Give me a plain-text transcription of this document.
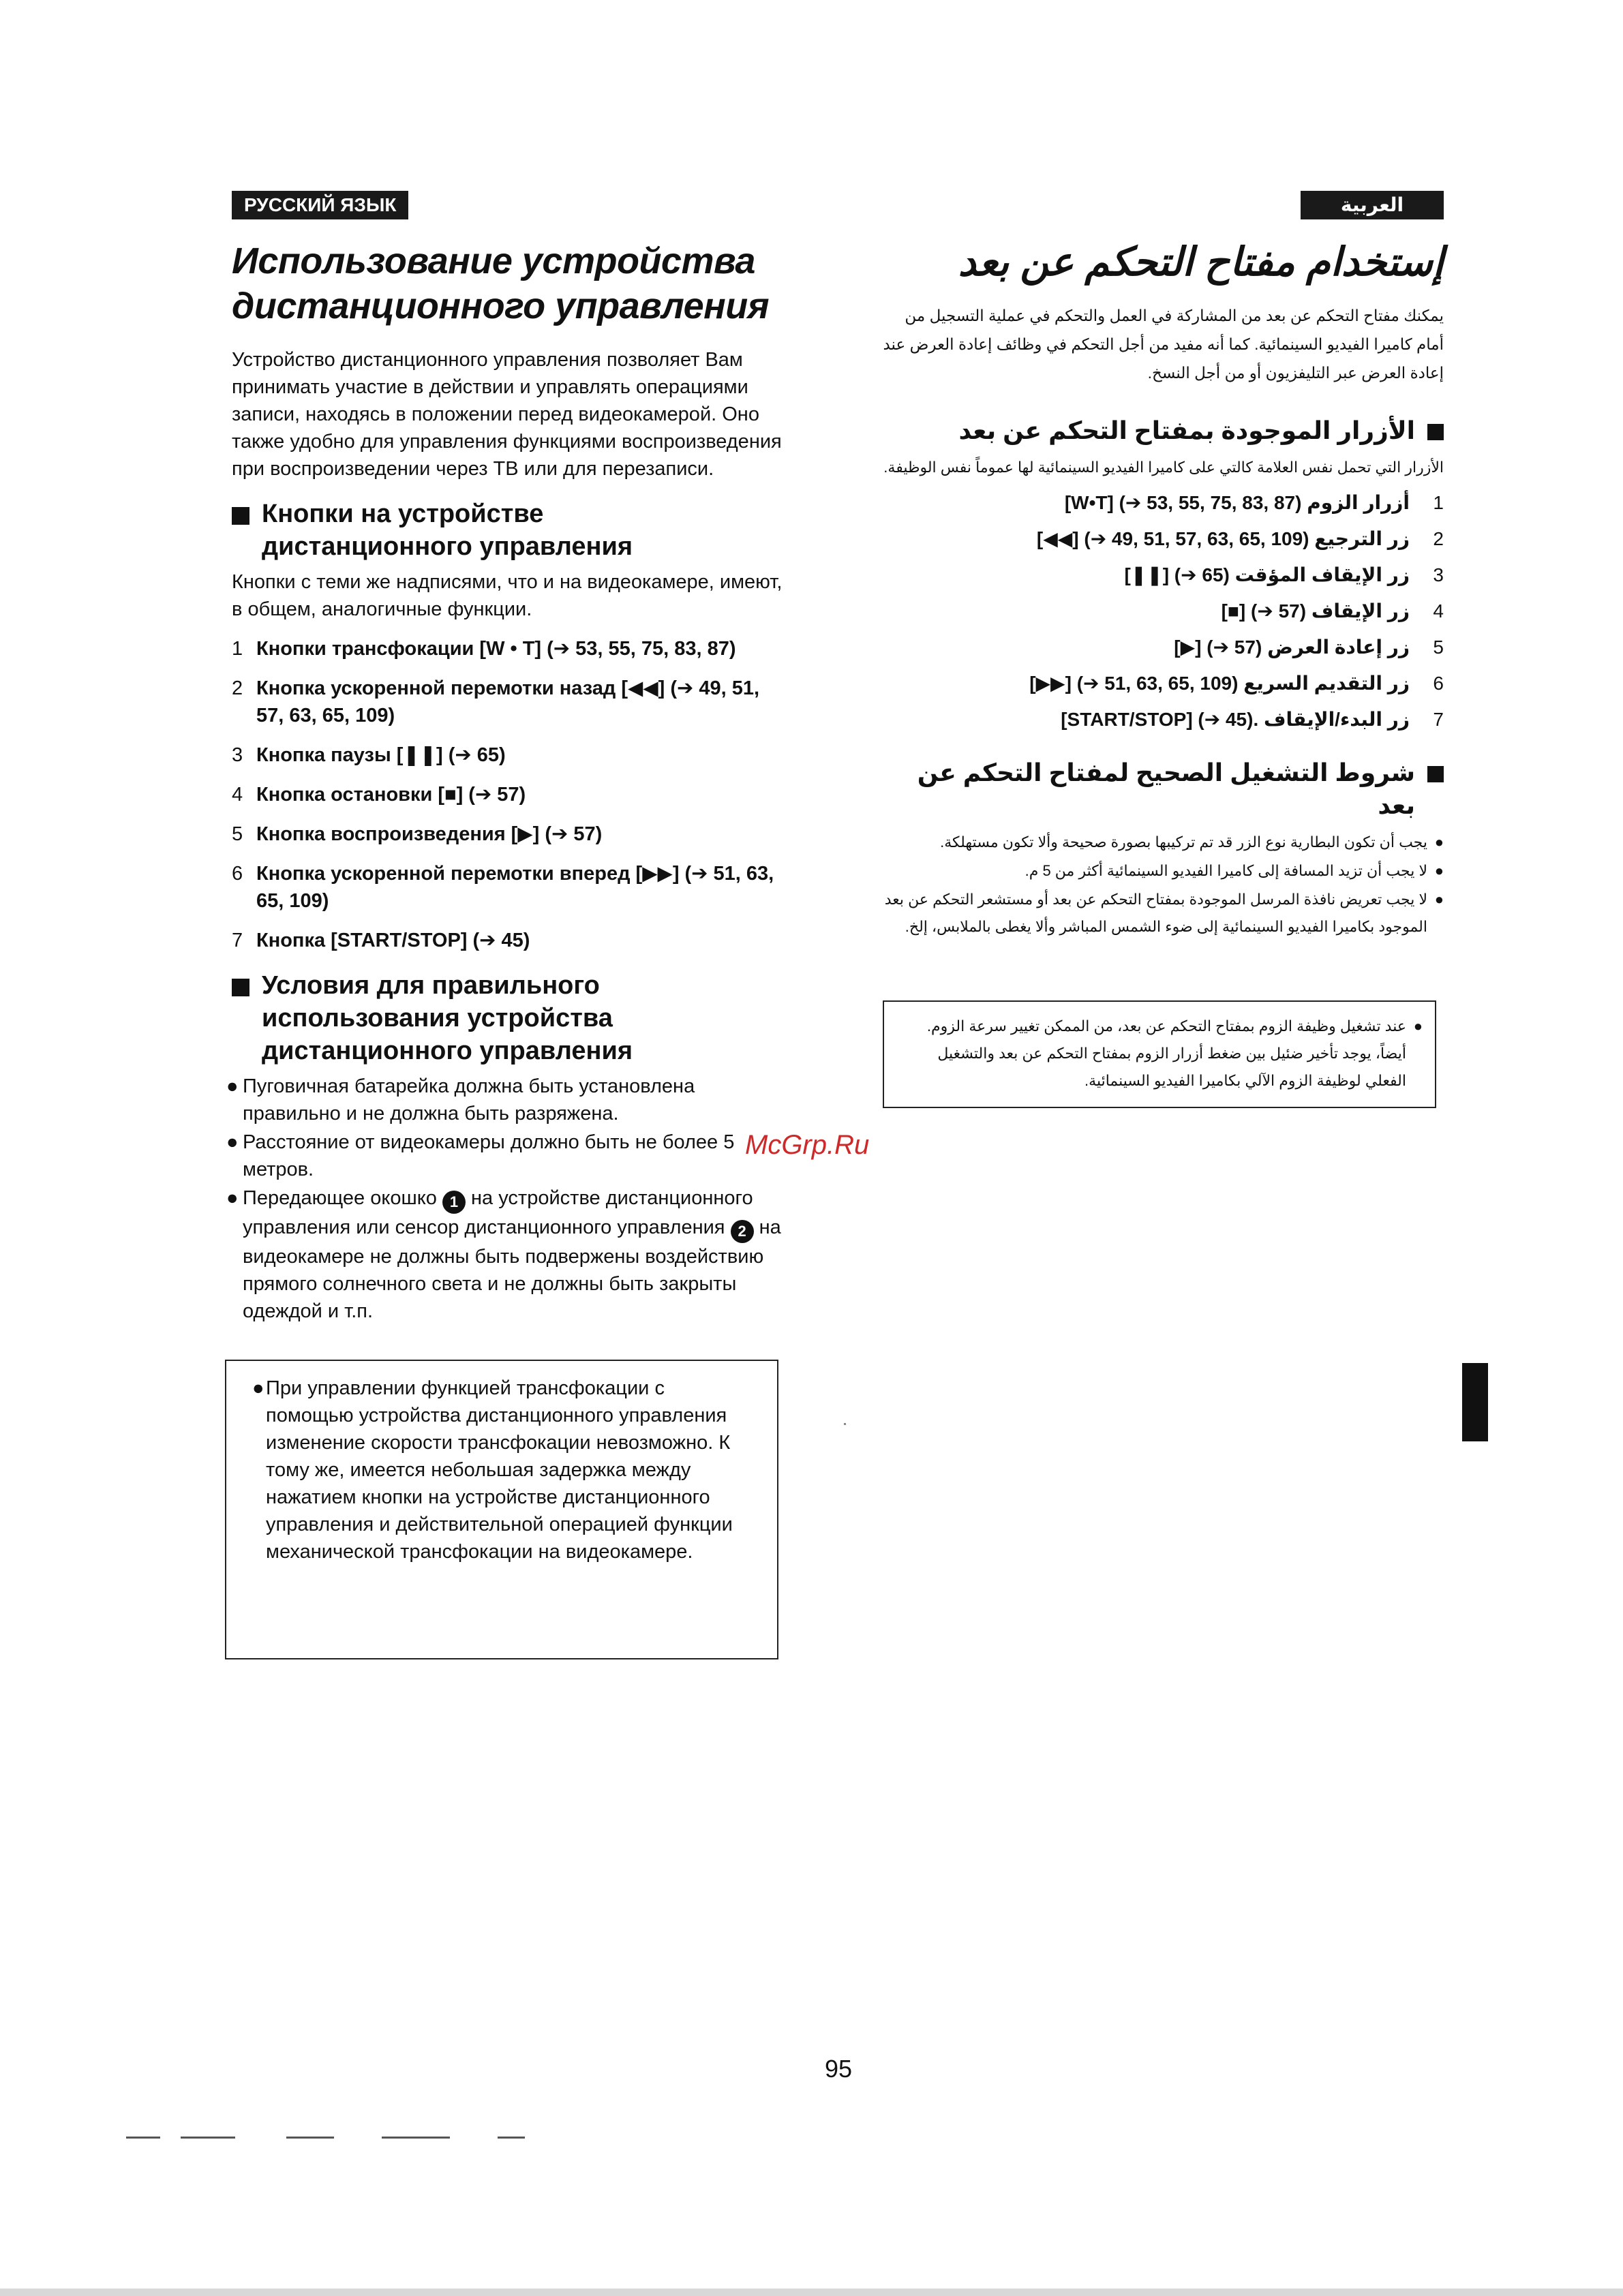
РУССКИЙ ЯЗЫК
Использование устройства
дистанционного управления

Устройство дистанционного управления позволяет Вам принимать участие в действии и управлять операциями записи, находясь в положении перед видеокамерой. Оно также удобно для управления функциями воспроизведения при воспроизведении через ТВ или для перезаписи.

Кнопки на устройстве
дистанционного управления

Кнопки с теми же надписями, что и на видеокамере, имеют, в общем, аналогичные функции.

1 Кнопки трансфокации [W • T] (➔ 53, 55, 75, 83, 87)
2 Кнопка ускоренной перемотки назад [◀◀] (➔ 49, 51, 57, 63, 65, 109)
3 Кнопка паузы [❚❚] (➔ 65)
4 Кнопка остановки [■] (➔ 57)
5 Кнопка воспроизведения [▶] (➔ 57)
6 Кнопка ускоренной перемотки вперед [▶▶] (➔ 51, 63, 65, 109)
7 Кнопка [START/STOP] (➔ 45)
Условия для правильного
использования устройства
дистанционного управления
● Пуговичная батарейка должна быть установлена правильно и не должна быть разряжена.
● Расстояние от видеокамеры должно быть не более 5 метров.
● Передающее окошко 1 на устройстве дистанционного управления или сенсор дистанционного управления 2 на видеокамере не должны быть подвержены воздействию прямого солнечного света и не должны быть закрыты одеждой и т.п.
● При управлении функцией трансфокации с помощью устройства дистанционного управления изменение скорости трансфокации невозможно. К тому же, имеется небольшая задержка между нажатием кнопки на устройстве дистанционного управления и действительной операцией функции механической трансфокации на видеокамере.
العربية
إستخدام مفتاح التحكم عن بعد

يمكنك مفتاح التحكم عن بعد من المشاركة في العمل والتحكم في عملية التسجيل من أمام كاميرا الفيديو السينمائية. كما أنه مفيد من أجل التحكم في وظائف إعادة العرض عند إعادة العرض عبر التليفزيون أو من أجل النسخ.

الأزرار الموجودة بمفتاح التحكم عن بعد

الأزرار التي تحمل نفس العلامة كالتي على كاميرا الفيديو السينمائية لها عموماً نفس الوظيفة.

1
أزرار الزوم [W•T] (➔ 53, 55, 75, 83, 87)
2
زر الترجيع [◀◀] (➔ 49, 51, 57, 63, 65, 109)
3
زر الإيقاف المؤقت [❚❚] (➔ 65)
4
زر الإيقاف [■] (➔ 57)
5
زر إعادة العرض [▶] (➔ 57)
6
زر التقديم السريع [▶▶] (➔ 51, 63, 65, 109)
7
زر البدء/الإيقاف [START/STOP] (➔ 45).
شروط التشغيل الصحيح لمفتاح التحكم عن بعد
●
يجب أن تكون البطارية نوع الزر قد تم تركيبها بصورة صحيحة وألا تكون مستهلكة.
●
لا يجب أن تزيد المسافة إلى كاميرا الفيديو السينمائية أكثر من 5 م.
●
لا يجب تعريض نافذة المرسل الموجودة بمفتاح التحكم عن بعد أو مستشعر التحكم عن بعد الموجود بكاميرا الفيديو السينمائية إلى ضوء الشمس المباشر وألا يغطى بالملابس، إلخ.
●
عند تشغيل وظيفة الزوم بمفتاح التحكم عن بعد، من الممكن تغيير سرعة الزوم. أيضاً، يوجد تأخير ضئيل بين ضغط أزرار الزوم بمفتاح التحكم عن بعد والتشغيل الفعلي لوظيفة الزوم الآلي بكاميرا الفيديو السينمائية.
McGrp.Ru
95
